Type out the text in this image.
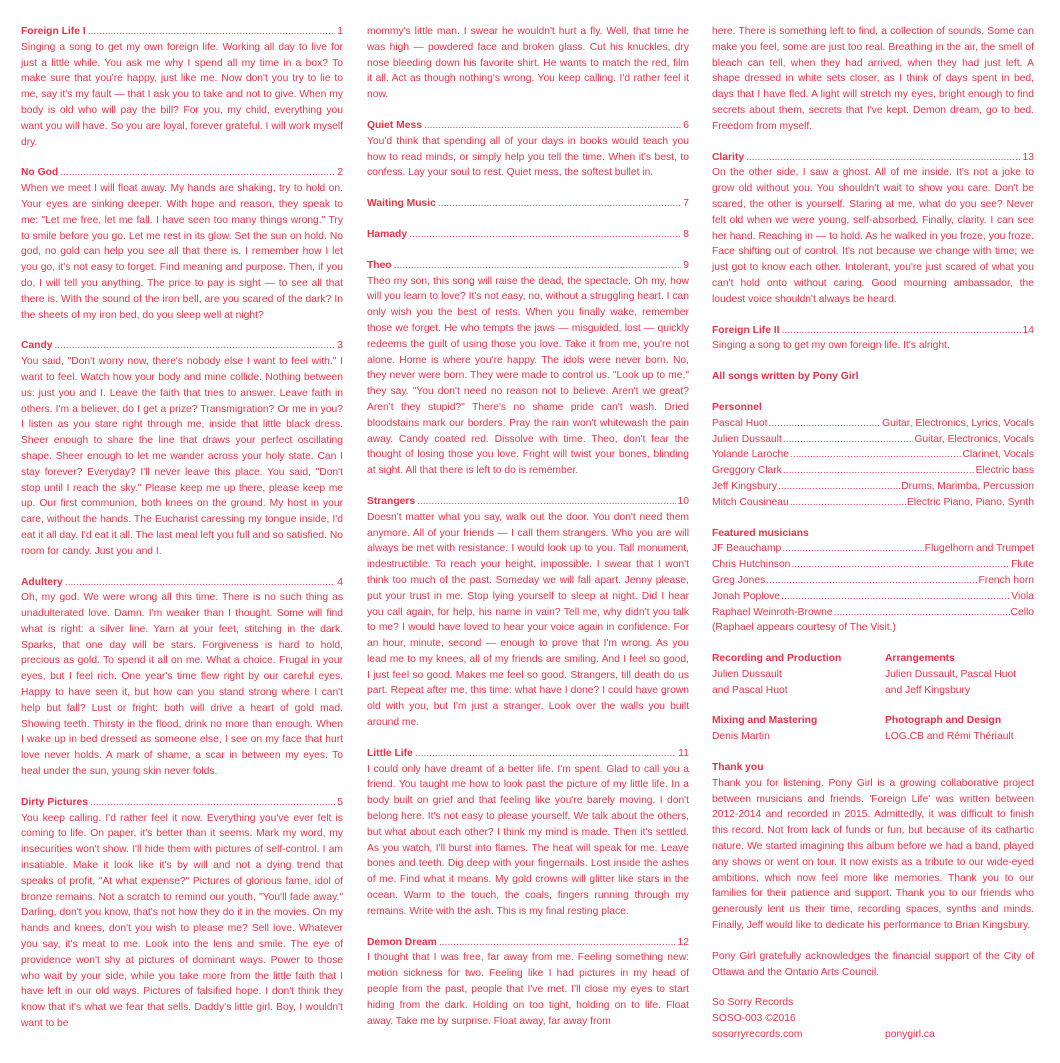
Foreign Life I .....	1

Singing a song to get my own foreign life. Working all day to live for just a little while. You ask me why I spend all my time in a box? To make sure that you're happy, just like me. Now don't you try to lie to me, say it's my fault — that I ask you to take and not to give. When my body is old who will pay the bill? For you, my child, everything you want you will have. So you are loyal, forever grateful. I will work myself dry.

No God .....	2

When we meet I will float away. My hands are shaking, try to hold on. Your eyes are sinking deeper. With hope and reason, they speak to me: "Let me free, let me fall. I have seen too many things wrong." Try to smile before you go. Let me rest in its glow. Set the sun on hold. No god, no gold can help you see all that there is. I remember how I let you go, it's not easy to forget. Find meaning and purpose. Then, if you do, I will tell you anything. The price to pay is sight — to see all that there is. With the sound of the iron bell, are you scared of the dark? In the sheets of my iron bed, do you sleep well at night?

Candy .....	3

You said, "Don't worry now, there's nobody else I want to feel with." I want to feel. Watch how your body and mine collide. Nothing between us: just you and I. Leave the faith that tries to answer. Leave faith in others. I'm a believer, do I get a prize? Transmigration? Or me in you? I listen as you stare right through me, inside that little black dress. Sheer enough to share the line that draws your perfect oscillating shape. Sheer enough to let me wander across your holy state. Can I stay forever? Everyday? I'll never leave this place. You said, "Don't stop until I reach the sky." Please keep me up there, please keep me up. Our first communion, both knees on the ground. My host in your care, without the hands. The Eucharist caressing my tongue inside, I'd eat it all day. I'd eat it all. The last meal left you full and so satisfied. No room for candy. Just you and I.

Adultery .....	4

Oh, my god. We were wrong all this time. There is no such thing as unadulterated love. Damn. I'm weaker than I thought. Some will find what is right: a silver line. Yarn at your feet, stitching in the dark. Sparks, that one day will be stars. Forgiveness is hard to hold, precious as gold. To spend it all on me. What a choice. Frugal in your eyes, but I feel rich. One year's time flew right by our careful eyes. Happy to have seen it, but how can you stand strong where I can't help but fall? Lust or fright: both will drive a heart of gold mad. Showing teeth. Thirsty in the flood, drink no more than enough. When I wake up in bed dressed as someone else, I see on my face that hurt love never holds. A mark of shame, a scar in between my eyes. To heal under the sun, young skin never folds.

Dirty Pictures .....	5

You keep calling. I'd rather feel it now. Everything you've ever felt is coming to life. On paper, it's better than it seems. Mark my word, my insecurities won't show. I'll hide them with pictures of self-control. I am insatiable. Make it look like it's by will and not a dying trend that speaks of profit, "At what expense?" Pictures of glorious fame, idol of bronze remains. Not a scratch to remind our youth, "You'll fade away." Darling, don't you know, that's not how they do it in the movies. On my hands and knees, don't you wish to please me? Sell love. Whatever you say, it's meat to me. Look into the lens and smile. The eye of providence won't shy at pictures of dominant ways. Power to those who wait by your side, while you take more from the little faith that I have left in our old ways. Pictures of falsified hope. I don't think they know that it's what we fear that sells. Daddy's little girl. Boy, I wouldn't want to be

mommy's little man. I swear he wouldn't hurt a fly. Well, that time he was high — powdered face and broken glass. Cut his knuckles, dry nose bleeding down his favorite shirt. He wants to match the red, film it all. Act as though nothing's wrong. You keep calling. I'd rather feel it now.

Quiet Mess .....	6

You'd think that spending all of your days in books would teach you how to read minds, or simply help you tell the time. When it's best, to confess. Lay your soul to rest. Quiet mess, the softest bullet in.

Waiting Music .....	7
Hamady .....	8
Theo .....	9

Theo my son, this song will raise the dead, the spectacle. Oh my, how will you learn to love? It's not easy, no, without a struggling heart. I can only wish you the best of rests. When you finally wake, remember those we forget. He who tempts the jaws — misguided, lost — quickly redeems the guilt of using those you love. Take it from me, you're not alone. Home is where you're happy. The idols were never born. No, they never were born. They were made to control us. "Look up to me," they say. "You don't need no reason not to believe. Aren't we great? Aren't they stupid?" There's no shame pride can't wash. Dried bloodstains mark our borders. Pray the rain won't whitewash the pain away. Candy coated red. Dissolve with time. Theo, don't fear the thought of losing those you love. Fright will twist your bones, blinding at sight. All that there is left to do is remember.

Strangers .....	10

Doesn't matter what you say, walk out the door. You don't need them anymore. All of your friends — I call them strangers. Who you are will always be met with resistance. I would look up to you. Tall monument, indestructible. To reach your height, impossible. I swear that I won't think too much of the past. Someday we will fall apart. Jenny please, put your trust in me. Stop lying yourself to sleep at night. Did I hear you call again, for help, his name in vain? Tell me, why didn't you talk to me? I would have loved to hear your voice again in confidence. For an hour, minute, second — enough to prove that I'm wrong. As you lead me to my knees, all of my friends are smiling. And I feel so good, I just feel so good. Makes me feel so good. Strangers, till death do us part. Repeat after me, this time: what have I done? I could have grown old with you, but I'm just a stranger. Look over the walls you built around me.

Little Life .....	11

I could only have dreamt of a better life. I'm spent. Glad to call you a friend. You taught me how to look past the picture of my little life. In a body built on grief and that feeling like you're barely moving. I don't belong here. It's not easy to please yourself. We talk about the others, but what about each other? I think my mind is made. Then it's settled. As you watch, I'll burst into flames. The heat will speak for me. Leave bones and teeth. Dig deep with your fingernails. Lost inside the ashes of me. Find what it means. My gold crowns will glitter like stars in the ocean. Warm to the touch, the coals, fingers running through my remains. Write with the ash. This is my final resting place.

Demon Dream .....	12

I thought that I was free, far away from me. Feeling something new: motion sickness for two. Feeling like I had pictures in my head of people from the past, people that I've met. I'll close my eyes to start hiding from the dark. Holding on too tight, holding on to life. Float away. Take me by surprise. Float away, far away from

here. There is something left to find, a collection of sounds. Some can make you feel, some are just too real. Breathing in the air, the smell of bleach can tell, when they had arrived, when they had just left. A shape dressed in white sets closer, as I think of days spent in bed, days that I have fled. A light will stretch my eyes, bright enough to find secrets about them, secrets that I've kept. Demon dream, go to bed. Freedom from myself.

Clarity .....	13

On the other side, I saw a ghost. All of me inside. It's not a joke to grow old without you. You shouldn't wait to show you care. Don't be scared, the other is yourself. Staring at me, what do you see? Never felt old when we were young, self-absorbed. Finally, clarity. I can see her hand. Reaching in — to hold. As he walked in you froze, you froze. Face shifting out of control. It's not because we change with time; we just got to know each other. Intolerant, you're just scared of what you can't hold onto without caring. Good mourning ambassador, the loudest voice shouldn't always be heard.

Foreign Life II .....	14

Singing a song to get my own foreign life. It's alright.

All songs written by Pony Girl

Personnel

Pascal Huot .....	Guitar, Electronics, Lyrics, Vocals
Julien Dussault .....	Guitar, Electronics, Vocals
Yolande Laroche .....	Clarinet, Vocals
Greggory Clark .....	Electric bass
Jeff Kingsbury .....	Drums, Marimba, Percussion
Mitch Cousineau .....	Electric Piano, Piano, Synth

Featured musicians

JF Beauchamp .....	Flugelhorn and Trumpet
Chris Hutchinson .....	Flute
Greg Jones .....	French horn
Jonah Poplove .....	Viola
Raphael Weinroth-Browne .....	Cello

(Raphael appears courtesy of The Visit.)

Recording and Production

Julien Dussault

and Pascal Huot

Arrangements

Julien Dussault, Pascal Huot

and Jeff Kingsbury

Mixing and Mastering

Denis Martin

Photograph and Design

LOG.CB and Rémi Thériault

Thank you

Thank you for listening. Pony Girl is a growing collaborative project between musicians and friends. 'Foreign Life' was written between 2012-2014 and recorded in 2015. Admittedly, it was difficult to finish this record. Not from lack of funds or fun, but because of its cathartic nature. We started imagining this album before we had a band, played any shows or went on tour. It now exists as a tribute to our wide-eyed ambitions, which now feel more like memories. Thank you to our families for their patience and support. Thank you to our friends who generously lent us their time, recording spaces, synths and minds. Finally, Jeff would like to dedicate his performance to Brian Kingsbury.

Pony Girl gratefully acknowledges the financial support of the City of Ottawa and the Ontario Arts Council.

So Sorry Records

SOSO-003 ©2016

sosorryrecords.com	ponygirl.ca
